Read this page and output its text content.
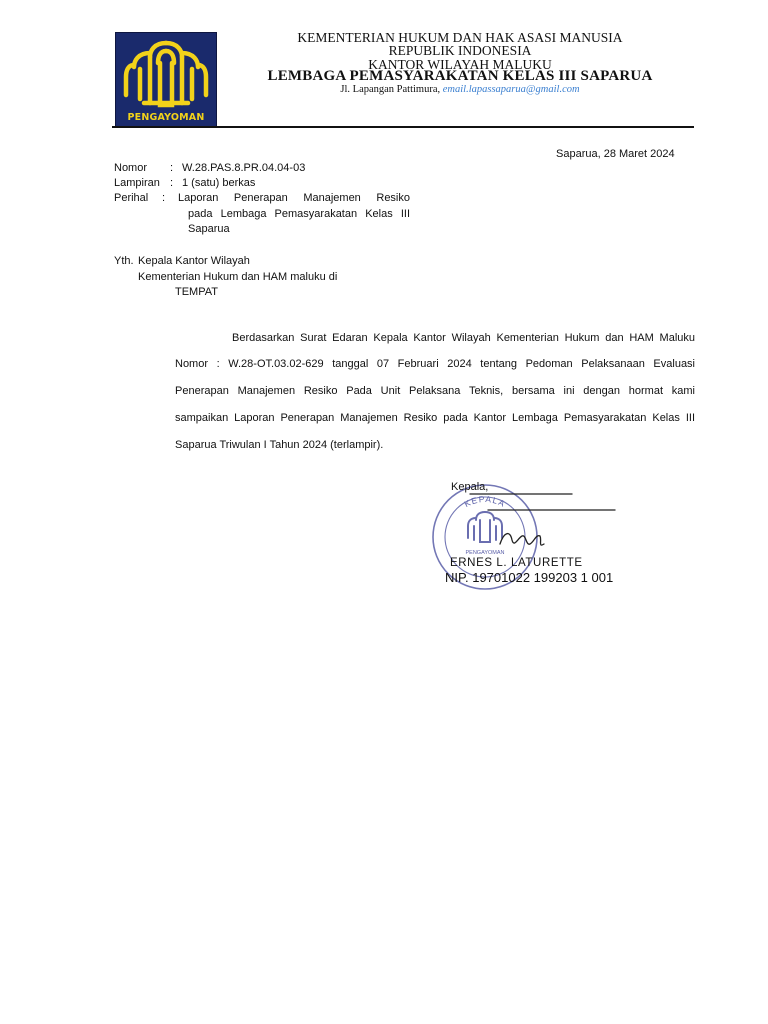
PENGAYOMAN
KEMENTERIAN HUKUM DAN HAK ASASI MANUSIA
REPUBLIK INDONESIA
KANTOR WILAYAH MALUKU
LEMBAGA PEMASYARAKATAN KELAS III SAPARUA
Jl. Lapangan Pattimura, email.lapassaparua@gmail.com
Saparua, 28 Maret 2024
Nomor : W.28.PAS.8.PR.04.04-03
Lampiran : 1 (satu) berkas
Perihal : Laporan Penerapan Manajemen Resiko
pada Lembaga Pemasyarakatan Kelas III
Saparua
Yth. Kepala Kantor Wilayah
Kementerian Hukum dan HAM maluku di
TEMPAT
Berdasarkan Surat Edaran Kepala Kantor Wilayah Kementerian Hukum dan HAM Maluku
Nomor : W.28-OT.03.02-629 tanggal 07 Februari 2024 tentang Pedoman Pelaksanaan Evaluasi
Penerapan Manajemen Resiko Pada Unit Pelaksana Teknis, bersama ini dengan hormat kami
sampaikan Laporan Penerapan Manajemen Resiko pada Kantor Lembaga Pemasyarakatan Kelas III
Saparua Triwulan I Tahun 2024 (terlampir).
KEPALA
PENGAYOMAN
Kepala,
ERNES L. LATURETTE
NIP. 19701022 199203 1 001
